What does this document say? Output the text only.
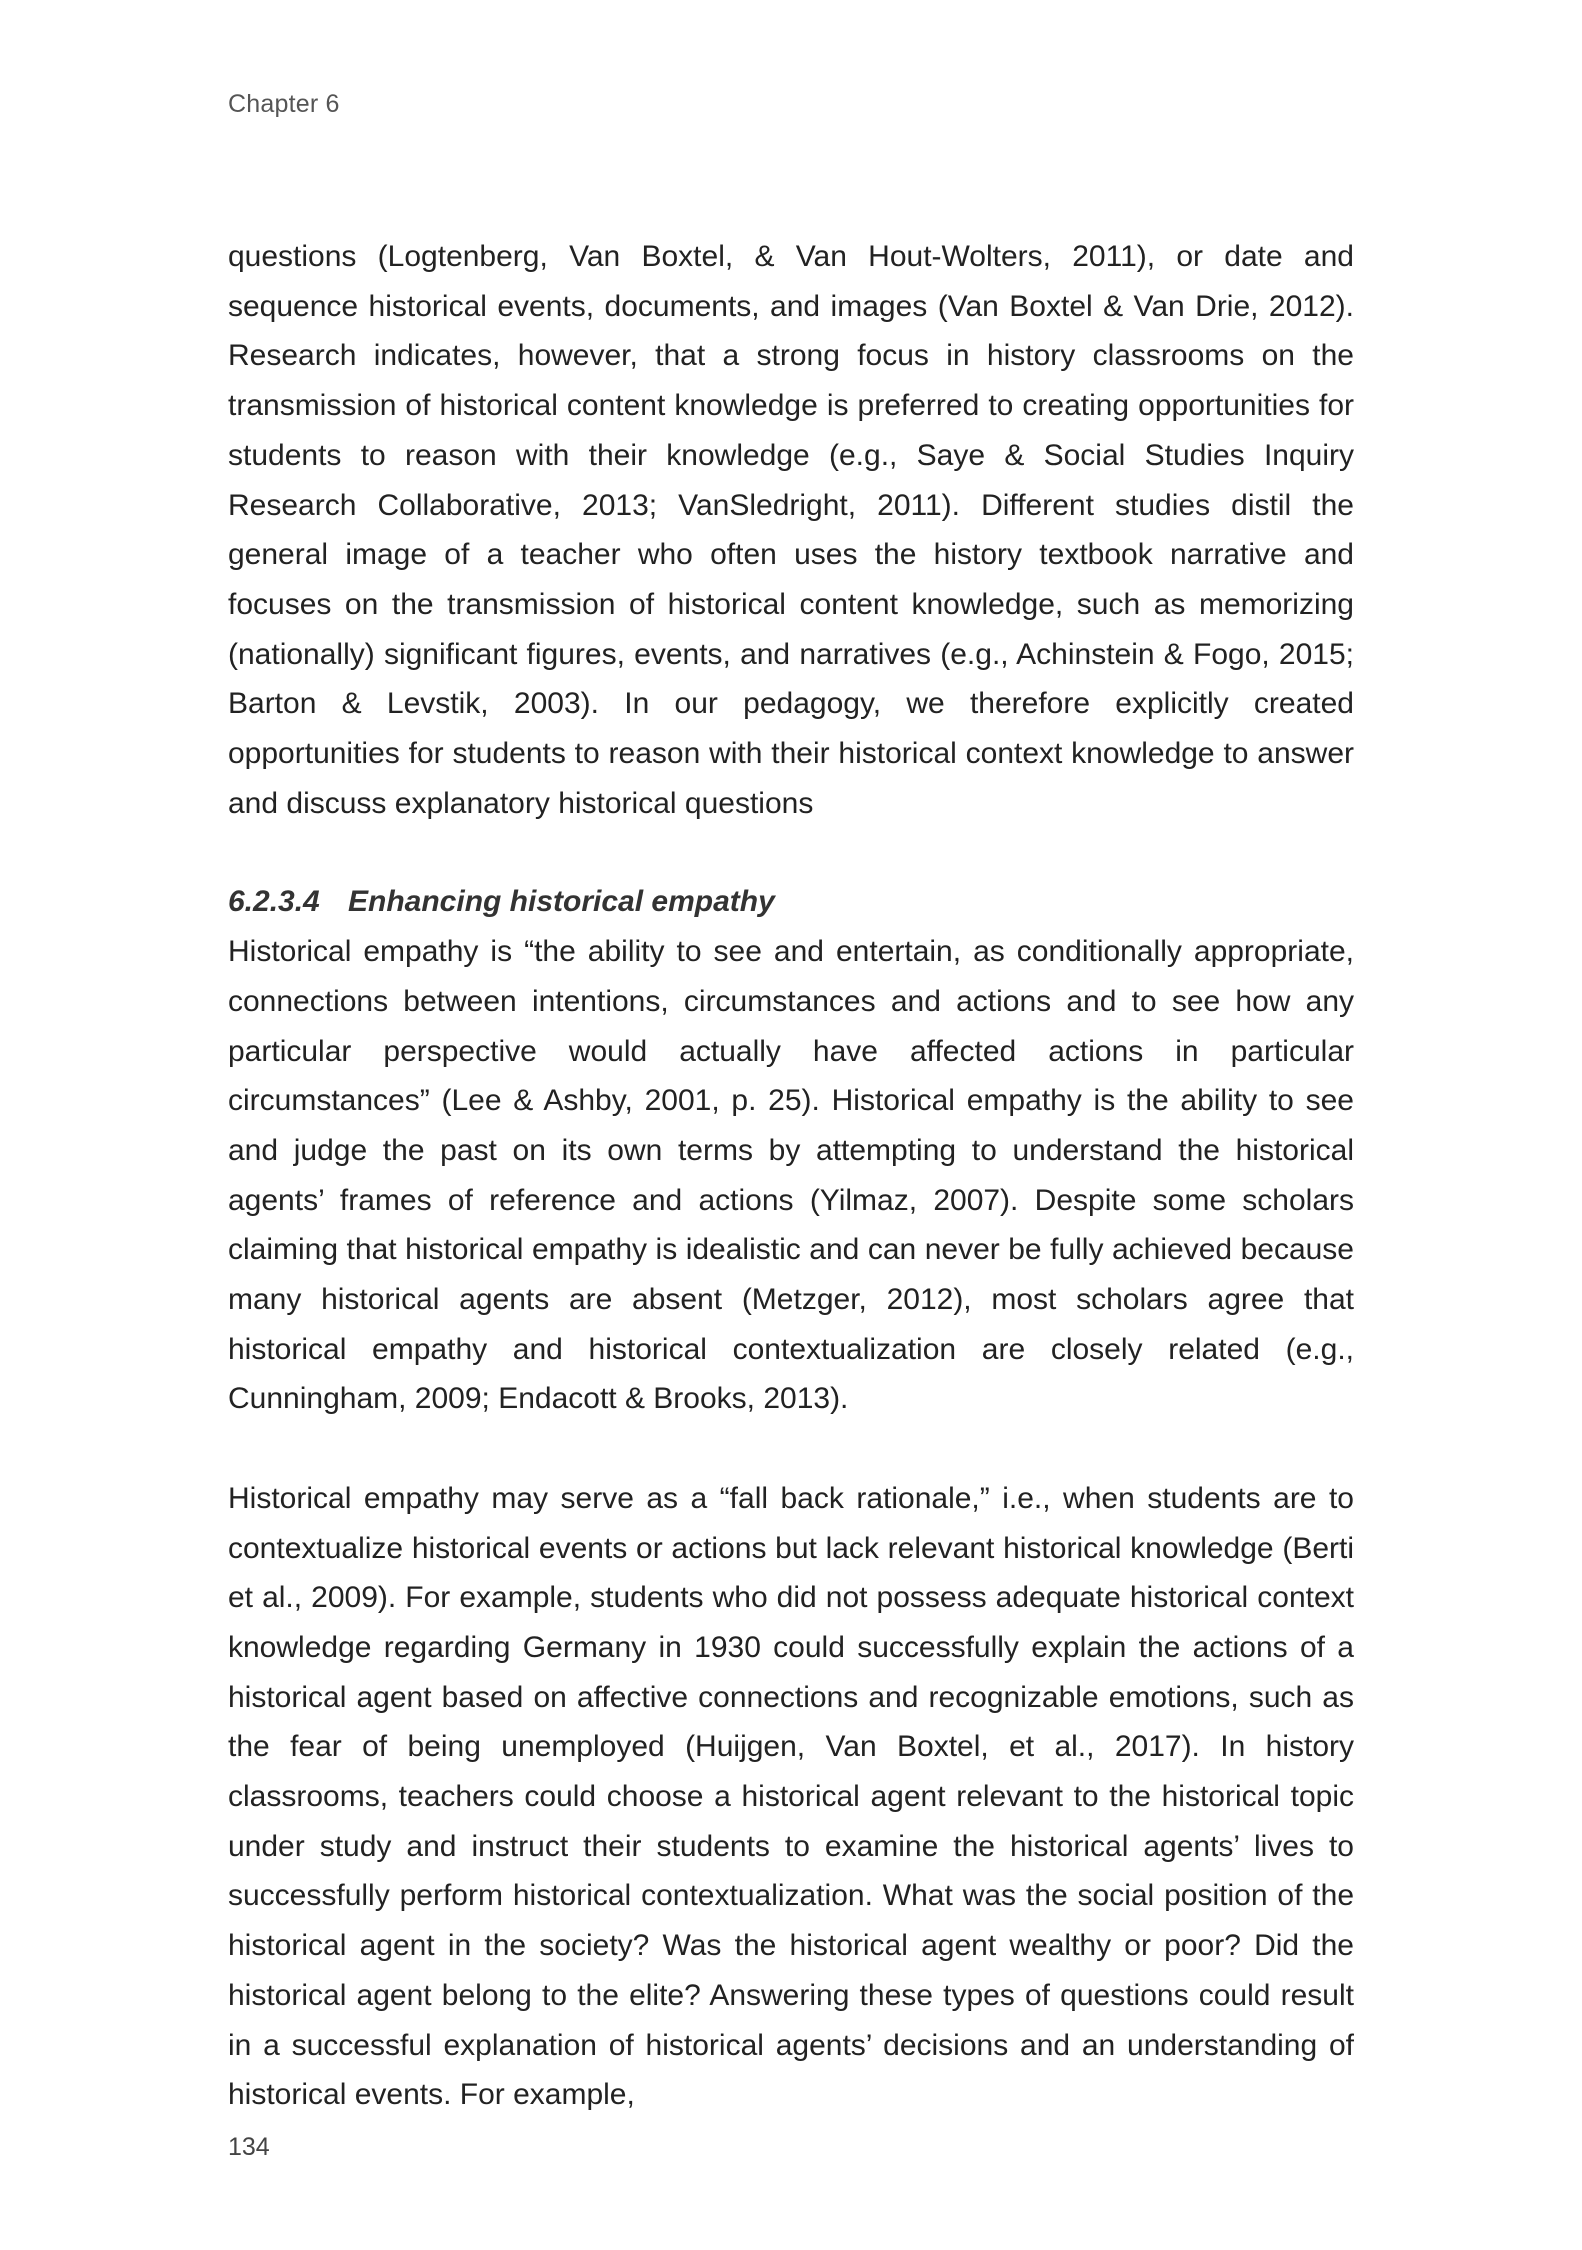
Chapter 6

questions (Logtenberg, Van Boxtel, & Van Hout-Wolters, 2011), or date and sequence historical events, documents, and images (Van Boxtel & Van Drie, 2012). Research indicates, however, that a strong focus in history classrooms on the transmission of historical content knowledge is preferred to creating opportunities for students to reason with their knowledge (e.g., Saye & Social Studies Inquiry Research Collaborative, 2013; VanSledright, 2011). Different studies distil the general image of a teacher who often uses the history textbook narrative and focuses on the transmission of historical content knowledge, such as memorizing (nationally) significant figures, events, and narratives (e.g., Achinstein & Fogo, 2015; Barton & Levstik, 2003). In our pedagogy, we therefore explicitly created opportunities for students to reason with their historical context knowledge to answer and discuss explanatory historical questions

6.2.3.4 Enhancing historical empathy

Historical empathy is “the ability to see and entertain, as conditionally appropriate, connections between intentions, circumstances and actions and to see how any particular perspective would actually have affected actions in particular circumstances” (Lee & Ashby, 2001, p. 25). Historical empathy is the ability to see and judge the past on its own terms by attempting to understand the historical agents’ frames of reference and actions (Yilmaz, 2007). Despite some scholars claiming that historical empathy is idealistic and can never be fully achieved because many historical agents are absent (Metzger, 2012), most scholars agree that historical empathy and historical contextualization are closely related (e.g., Cunningham, 2009; Endacott & Brooks, 2013).

Historical empathy may serve as a “fall back rationale,” i.e., when students are to contextualize historical events or actions but lack relevant historical knowledge (Berti et al., 2009). For example, students who did not possess adequate historical context knowledge regarding Germany in 1930 could successfully explain the actions of a historical agent based on affective connections and recognizable emotions, such as the fear of being unemployed (Huijgen, Van Boxtel, et al., 2017). In history classrooms, teachers could choose a historical agent relevant to the historical topic under study and instruct their students to examine the historical agents’ lives to successfully perform historical contextualization. What was the social position of the historical agent in the society? Was the historical agent wealthy or poor? Did the historical agent belong to the elite? Answering these types of questions could result in a successful explanation of historical agents’ decisions and an understanding of historical events. For example,

134
